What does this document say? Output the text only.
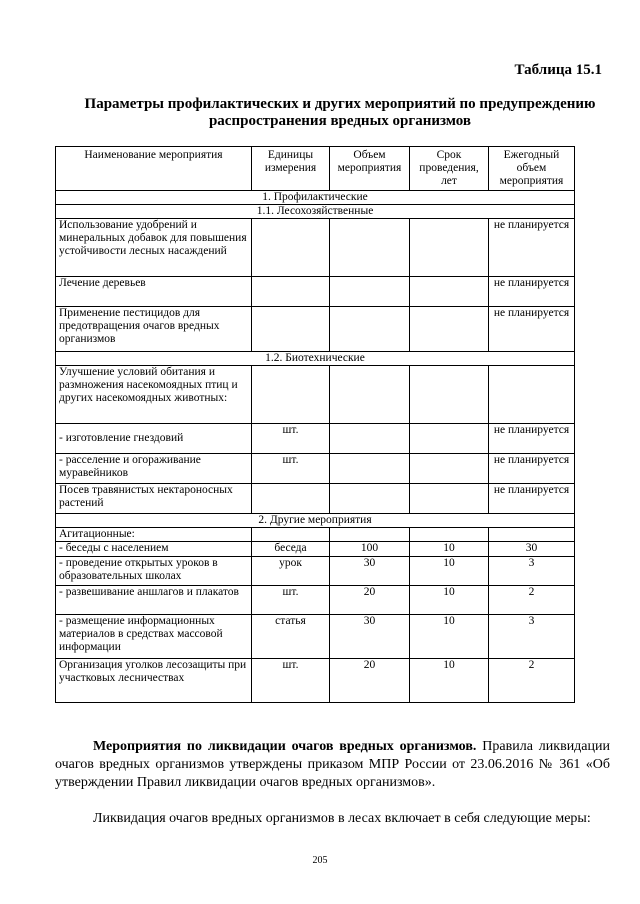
Таблица 15.1
Параметры профилактических и других мероприятий по предупреждению
распространения вредных организмов
Наименование мероприятия	Единицы измерения	Объем мероприятия	Срок проведения, лет	Ежегодный объем мероприятия
1. Профилактические				
1.1. Лесохозяйственные				
Использование удобрений и минеральных добавок для повышения устойчивости лесных насаждений				не планируется
Лечение деревьев				не планируется
Применение пестицидов для предотвращения очагов вредных организмов				не планируется
1.2. Биотехнические				
Улучшение условий обитания и размножения насекомоядных птиц и других насекомоядных животных:				
- изготовление гнездовий	шт.			не планируется
- расселение и огораживание муравейников	шт.			не планируется
Посев травянистых нектароносных растений				не планируется
2. Другие мероприятия				
Агитационные:				
- беседы с населением	беседа	100	10	30
- проведение открытых уроков в образовательных школах	урок	30	10	3
- развешивание аншлагов и плакатов	шт.	20	10	2
- размещение информационных материалов в средствах массовой информации	статья	30	10	3
Организация уголков лесозащиты при участковых лесничествах	шт.	20	10	2
Мероприятия по ликвидации очагов вредных организмов. Правила ликвидации очагов вредных организмов утверждены приказом МПР России от 23.06.2016 № 361 «Об утверждении Правил ликвидации очагов вредных организмов».
Ликвидация очагов вредных организмов в лесах включает в себя следующие меры:
205
